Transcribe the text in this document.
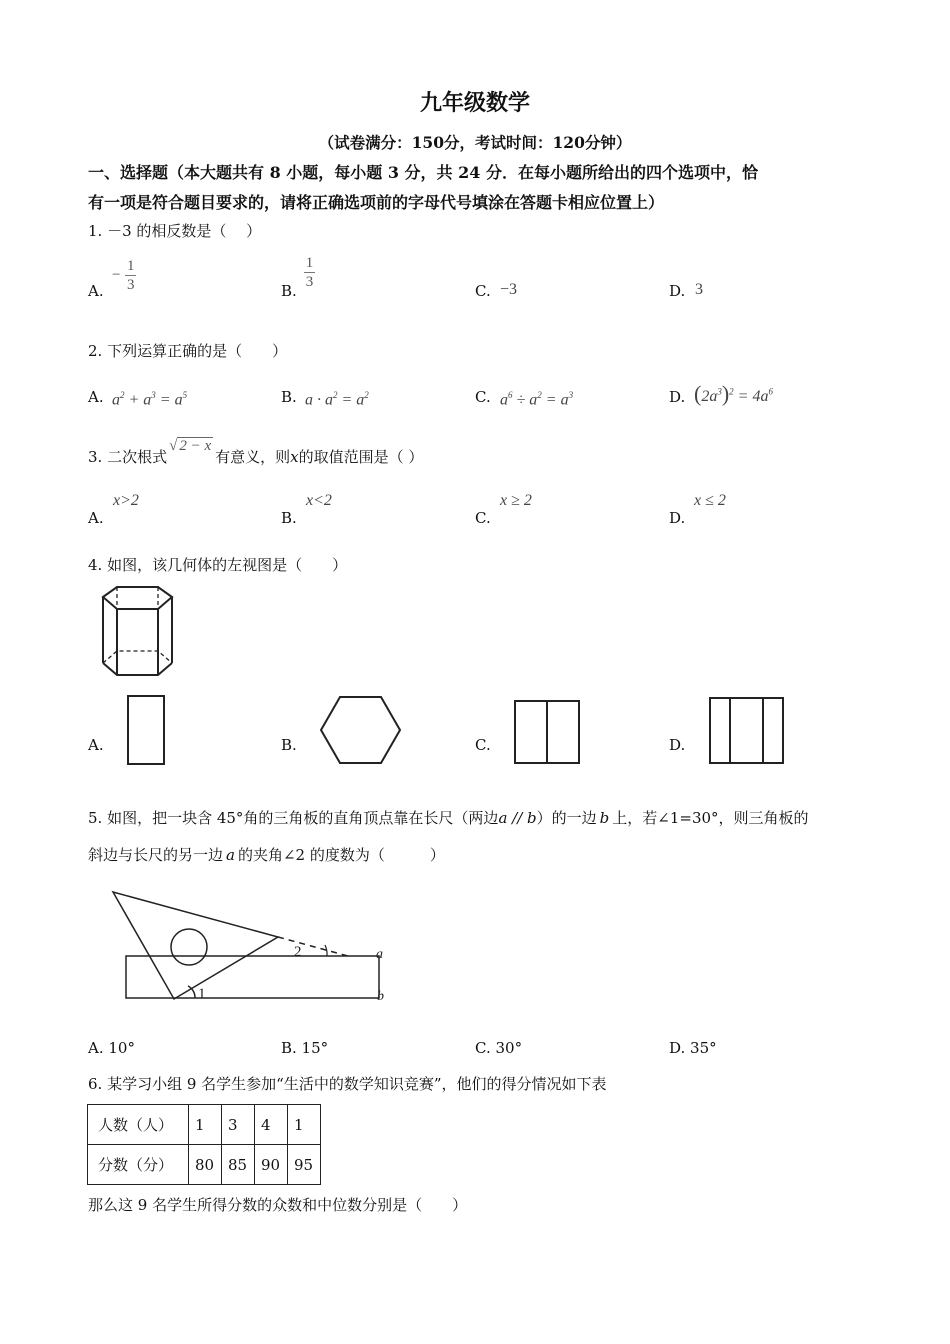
九年级数学
（试卷满分：150分，考试时间：120分钟）
一、选择题（本大题共有 8 小题，每小题 3 分，共 24 分．在每小题所给出的四个选项中，恰
有一项是符合题目要求的，请将正确选项前的字母代号填涂在答题卡相应位置上）
1. －3 的相反数是（　 ）
A.
− $\frac{1}{3}$	B.
$\frac{1}{3}$
C. −3	D. 3
2. 下列运算正确的是（　　）
A. $a^2 + a^3 = a^5$	B. $a \cdot a^2 = a^2$	C. $a^6 \div a^2 = a^3$	D. $(2a^3)^2 = 4a^6$
3. 二次根式√ 2 − x有意义，则x的取值范围是（ ）
A.
x>2
B.
x<2
C.
x ≥ 2
D.
x ≤ 2
4. 如图，该几何体的左视图是（　　）
A.	B.	C.	D.
5. 如图，把一块含 45°角的三角板的直角顶点靠在长尺（两边a // b）的一边 b 上，若∠1=30°，则三角板的
斜边与长尺的另一边 a 的夹角∠2 的度数为（　　　）
2
1
a
b
A. 10°	B. 15°	C. 30°	D. 35°
6. 某学习小组 9 名学生参加“生活中的数学知识竞赛”，他们的得分情况如下表
人数（人）	1	3	4	1
分数（分）	80	85	90	95
那么这 9 名学生所得分数的众数和中位数分别是（　　）
